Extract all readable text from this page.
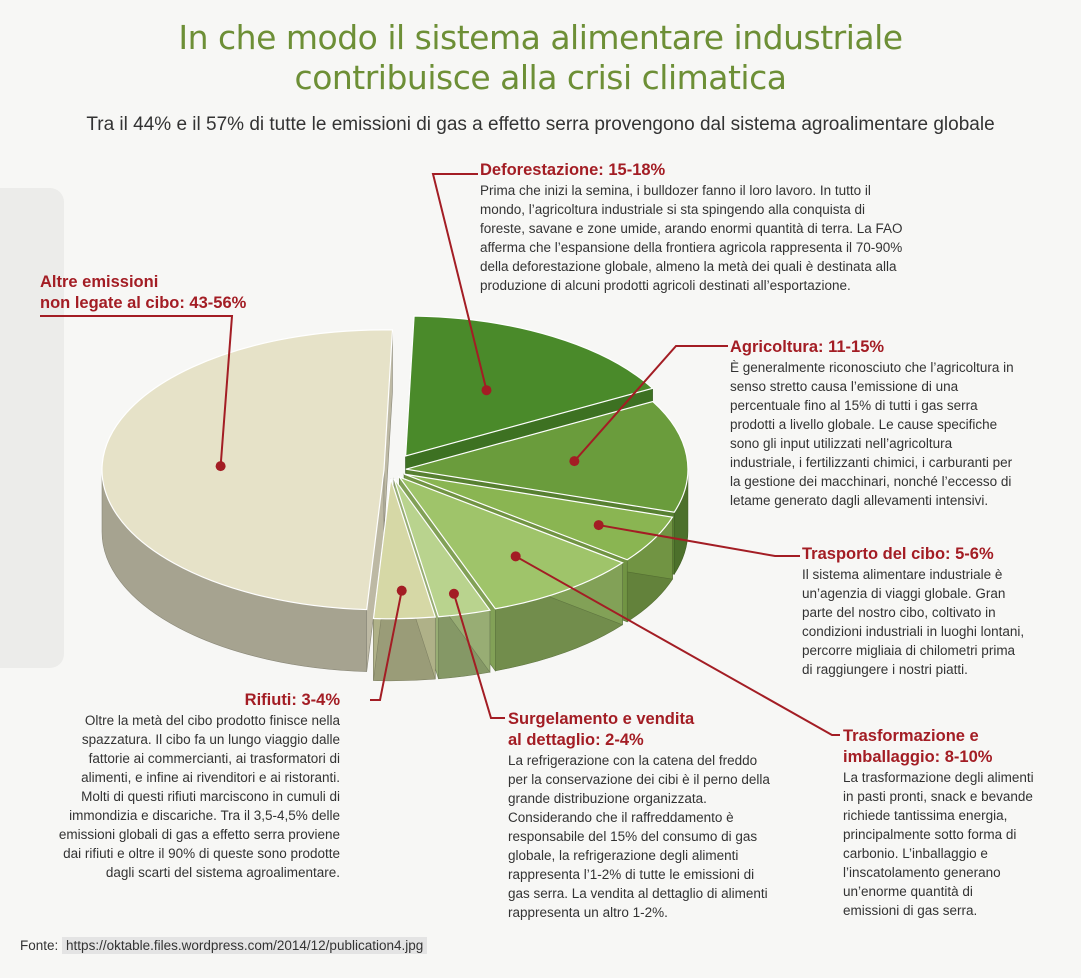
In che modo il sistema alimentare industriale
contribuisce alla crisi climatica
Tra il 44% e il 57% di tutte le emissioni di gas a effetto serra provengono dal sistema agroalimentare globale
Deforestazione: 15-18%
Prima che inizi la semina, i bulldozer fanno il loro lavoro. In tutto il
mondo, l’agricoltura industriale si sta spingendo alla conquista di
foreste, savane e zone umide, arando enormi quantità di terra. La FAO
afferma che l’espansione della frontiera agricola rappresenta il 70-90%
della deforestazione globale, almeno la metà dei quali è destinata alla
produzione di alcuni prodotti agricoli destinati all’esportazione.
Altre emissioni
non legate al cibo: 43-56%
Agricoltura: 11-15%
È generalmente riconosciuto che l’agricoltura in
senso stretto causa l’emissione di una
percentuale fino al 15% di tutti i gas serra
prodotti a livello globale. Le cause specifiche
sono gli input utilizzati nell’agricoltura
industriale, i fertilizzanti chimici, i carburanti per
la gestione dei macchinari, nonché l’eccesso di
letame generato dagli allevamenti intensivi.
Trasporto del cibo: 5-6%
Il sistema alimentare industriale è
un’agenzia di viaggi globale. Gran
parte del nostro cibo, coltivato in
condizioni industriali in luoghi lontani,
percorre migliaia di chilometri prima
di raggiungere i nostri piatti.
Rifiuti: 3-4%
Oltre la metà del cibo prodotto finisce nella
spazzatura. Il cibo fa un lungo viaggio dalle
fattorie ai commercianti, ai trasformatori di
alimenti, e infine ai rivenditori e ai ristoranti.
Molti di questi rifiuti marciscono in cumuli di
immondizia e discariche. Tra il 3,5-4,5% delle
emissioni globali di gas a effetto serra proviene
dai rifiuti e oltre il 90% di queste sono prodotte
dagli scarti del sistema agroalimentare.
Surgelamento e vendita
al dettaglio: 2-4%
La refrigerazione con la catena del freddo
per la conservazione dei cibi è il perno della
grande distribuzione organizzata.
Considerando che il raffreddamento è
responsabile del 15% del consumo di gas
globale, la refrigerazione degli alimenti
rappresenta l’1-2% di tutte le emissioni di
gas serra. La vendita al dettaglio di alimenti
rappresenta un altro 1-2%.
Trasformazione e
imballaggio: 8-10%
La trasformazione degli alimenti
in pasti pronti, snack e bevande
richiede tantissima energia,
principalmente sotto forma di
carbonio. L’inballaggio e
l’inscatolamento generano
un’enorme quantità di
emissioni di gas serra.
Fonte: https://oktable.files.wordpress.com/2014/12/publication4.jpg
